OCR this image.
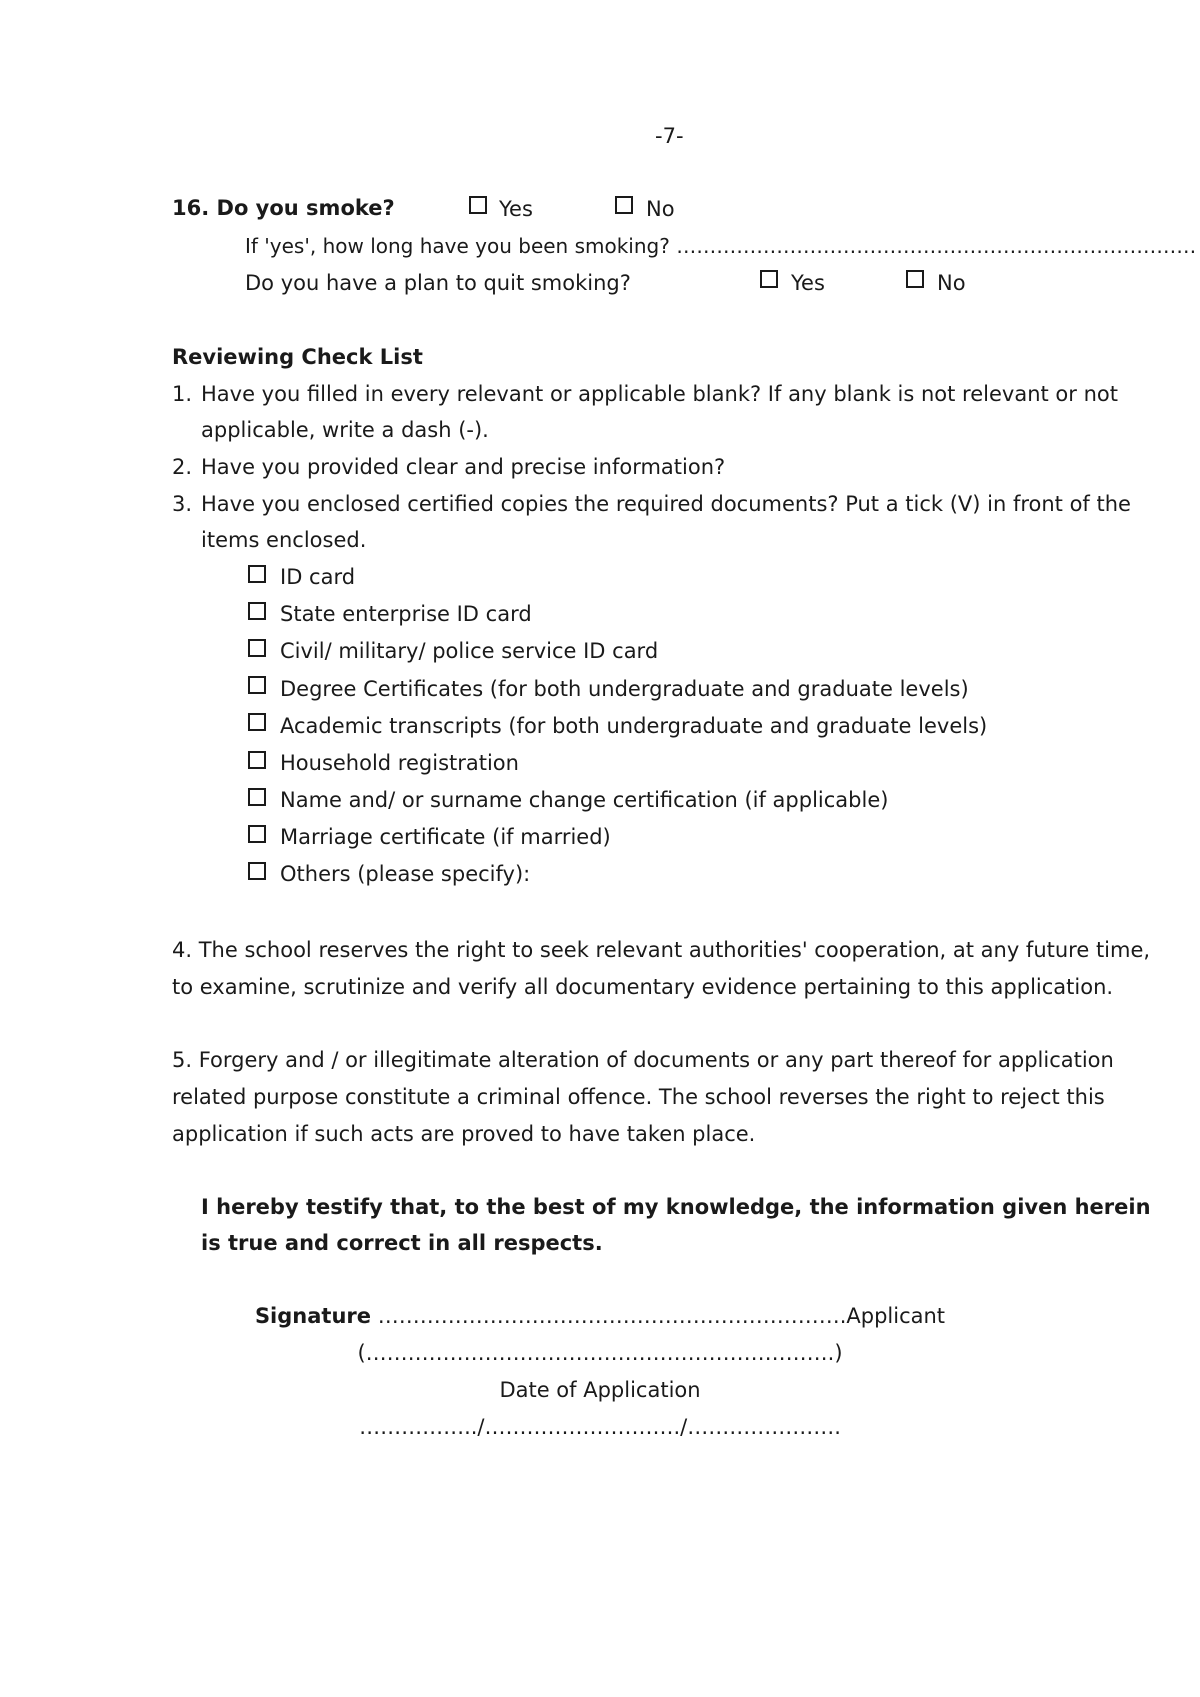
-7-
16. Do you smoke?	Yes	No
If 'yes', how long have you been smoking? ……………………………………………………………………
Do you have a plan to quit smoking?	Yes	No
Reviewing Check List
1. Have you filled in every relevant or applicable blank? If any blank is not relevant or not
applicable, write a dash (-).
2. Have you provided clear and precise information?
3. Have you enclosed certified copies the required documents? Put a tick (V) in front of the
items enclosed.
ID card
State enterprise ID card
Civil/ military/ police service ID card
Degree Certificates (for both undergraduate and graduate levels)
Academic transcripts (for both undergraduate and graduate levels)
Household registration
Name and/ or surname change certification (if applicable)
Marriage certificate (if married)
Others (please specify):
4. The school reserves the right to seek relevant authorities' cooperation, at any future time,
to examine, scrutinize and verify all documentary evidence pertaining to this application.
5. Forgery and / or illegitimate alteration of documents or any part thereof for application
related purpose constitute a criminal offence. The school reverses the right to reject this
application if such acts are proved to have taken place.
I hereby testify that, to the best of my knowledge, the information given herein
is true and correct in all respects.
Signature ………………………………………………………….Applicant
(………………………………………………………….)
Date of Application
……………../………………………./………………….
